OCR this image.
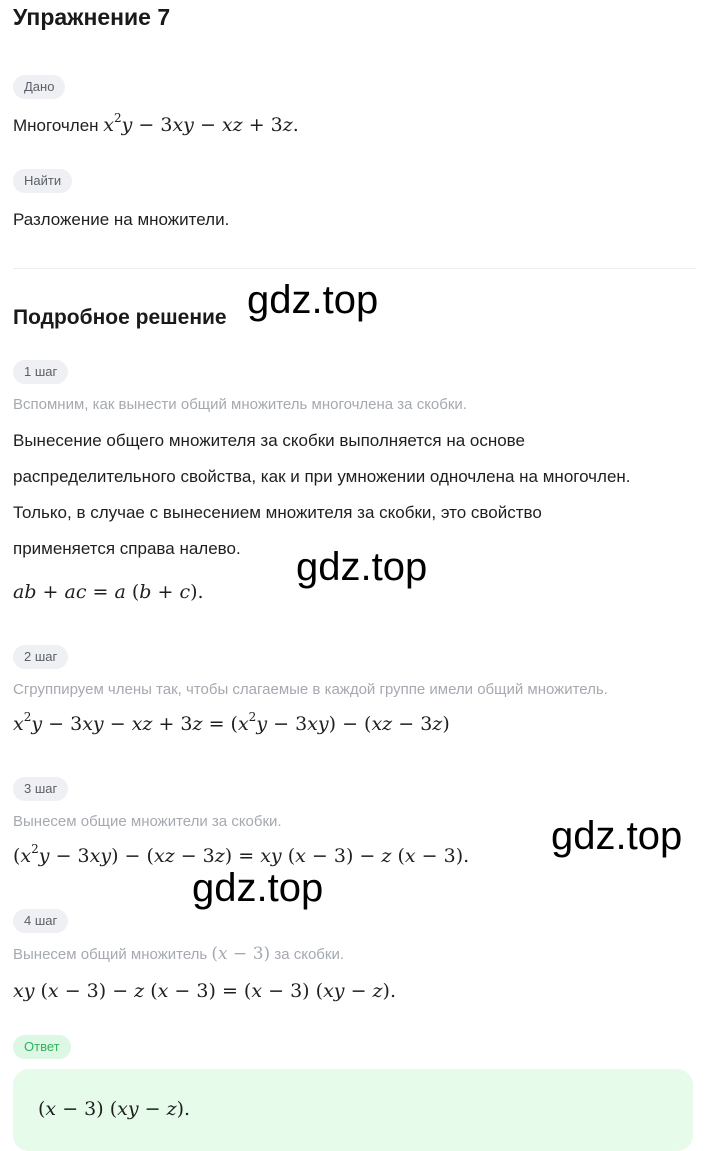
Упражнение 7
Дано
Многочлен $x^2y - 3xy$ − xz + 3z.
Найти
Разложение на множители.
Подробное решение
1 шаг
Вспомним, как вынести общий множитель многочлена за скобки.
Вынесение общего множителя за скобки выполняется на основе
распределительного свойства, как и при умножении одночлена на многочлен.
Только, в случае с вынесением множителя за скобки, это свойство
применяется справа налево.
ab + ac = a (b + c).
2 шаг
Сгруппируем члены так, чтобы слагаемые в каждой группе имели общий множитель.
$x^2y - 3xy$ − xz + $3z = (x^2y - 3xy) - (xz - 3z)$
3 шаг
Вынесем общие множители за скобки.
$(x^2y - 3xy) - (xz - 3z)$ = xy (x − 3) − z (x − 3).
4 шаг
Вынесем общий множитель (x − 3) за скобки.
xy (x − 3) − z (x − 3) = (x − 3) (xy − z).
Ответ
(x − 3) (xy − z).
gdz.top
gdz.top
gdz.top
gdz.top
